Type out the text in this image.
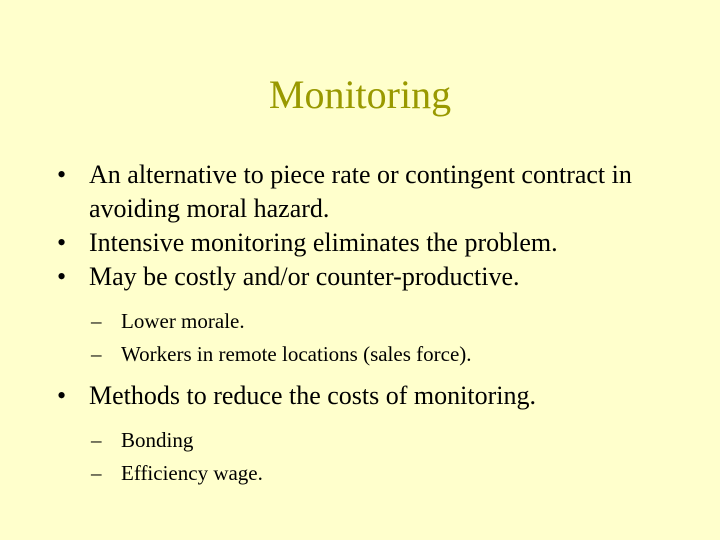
Monitoring
• An alternative to piece rate or contingent contract in avoiding moral hazard.
• Intensive monitoring eliminates the problem.
• May be costly and/or counter-productive.
– Lower morale.
– Workers in remote locations (sales force).
• Methods to reduce the costs of monitoring.
– Bonding
– Efficiency wage.
